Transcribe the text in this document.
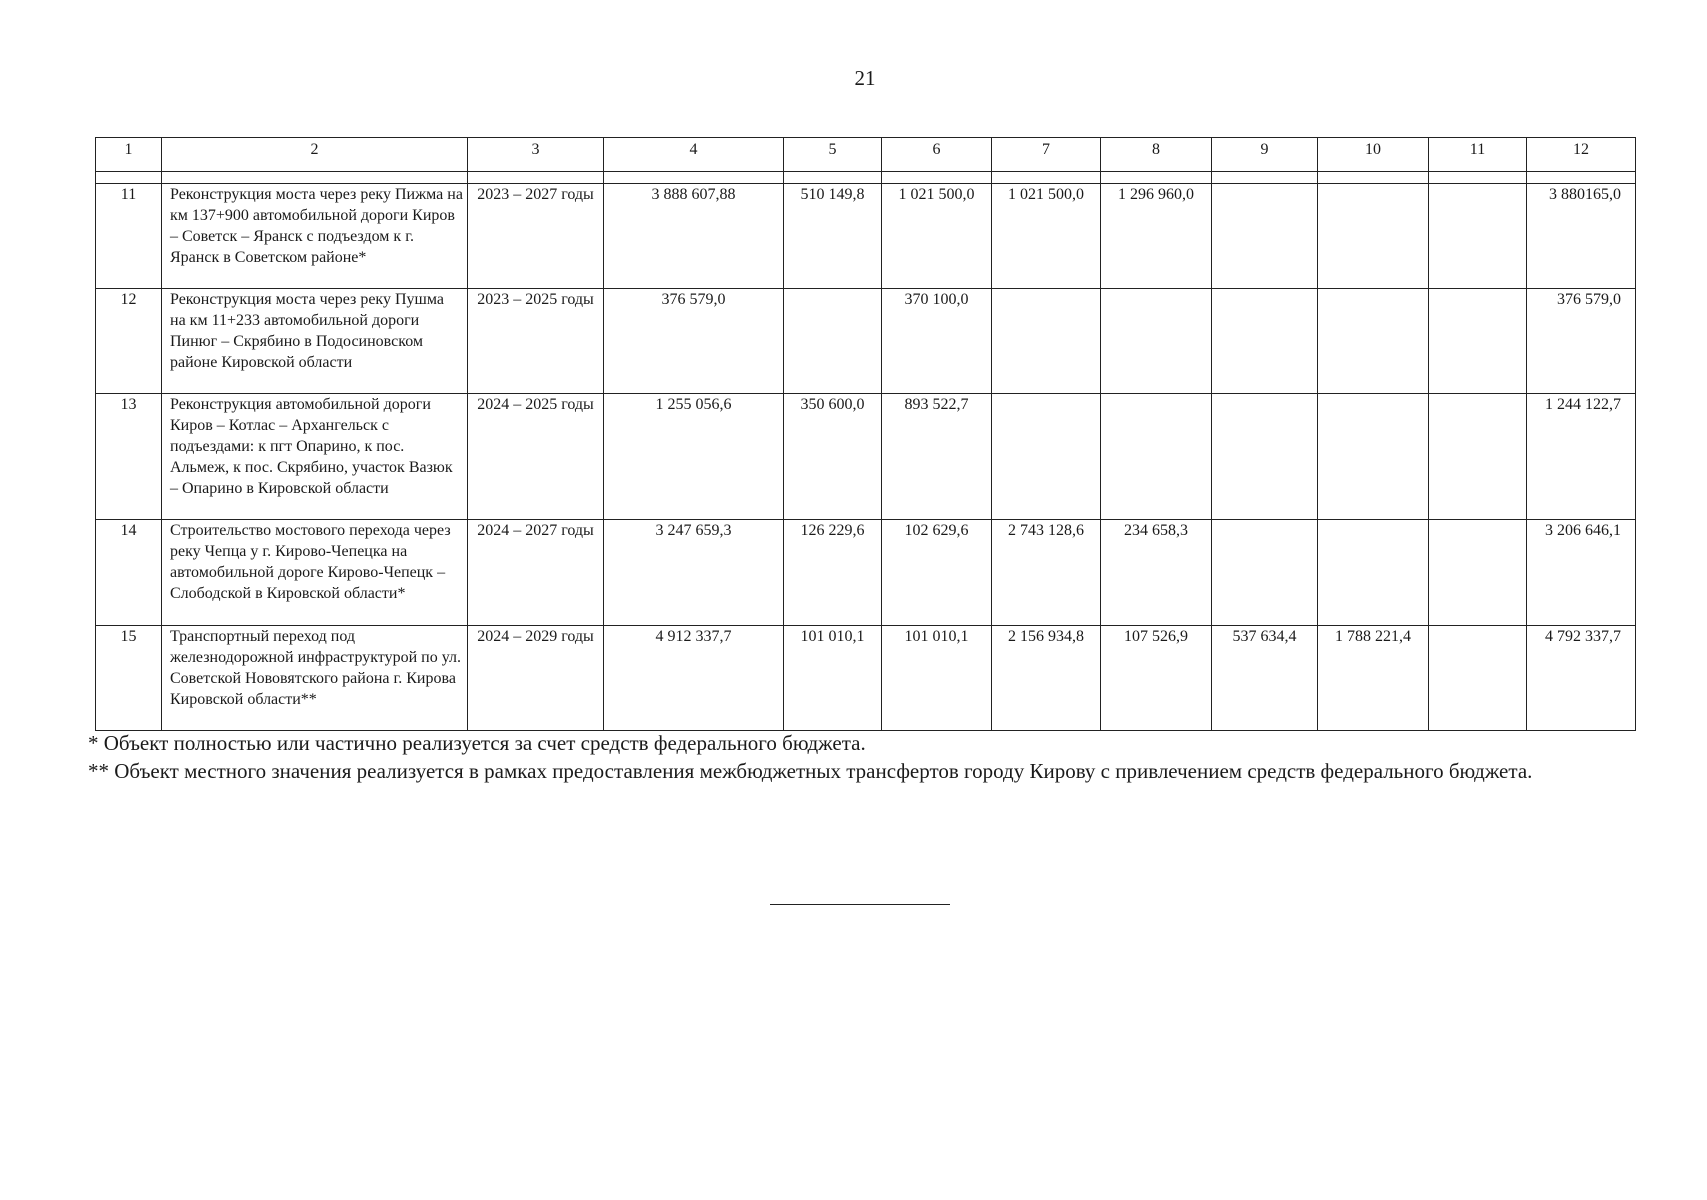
21
1	2	3	4	5	6	7	8	9	10	11	12

11	Реконструкция моста через реку Пижма на км 137+900 автомобильной дороги Киров – Советск – Яранск с подъездом к г. Яранск в Советском районе*	2023 – 2027 годы	3 888 607,88	510 149,8	1 021 500,0	1 021 500,0	1 296 960,0				3 880165,0
12	Реконструкция моста через реку Пушма на км 11+233 автомобильной дороги Пинюг – Скрябино в Подосиновском районе Кировской области	2023 – 2025 годы	376 579,0		370 100,0						376 579,0
13	Реконструкция автомобильной дороги Киров – Котлас – Архангельск с подъездами: к пгт Опарино, к пос. Альмеж, к пос. Скрябино, участок Вазюк – Опарино в Кировской области	2024 – 2025 годы	1 255 056,6	350 600,0	893 522,7						1 244 122,7
14	Строительство мостового перехода через реку Чепца у г. Кирово-Чепецка на автомобильной дороге Кирово-Чепецк – Слободской в Кировской области*	2024 – 2027 годы	3 247 659,3	126 229,6	102 629,6	2 743 128,6	234 658,3				3 206 646,1
15	Транспортный переход под железнодорожной инфраструктурой по ул. Советской Нововятского района г. Кирова Кировской области**	2024 – 2029 годы	4 912 337,7	101 010,1	101 010,1	2 156 934,8	107 526,9	537 634,4	1 788 221,4		4 792 337,7

* Объект полностью или частично реализуется за счет средств федерального бюджета.

** Объект местного значения реализуется в рамках предоставления межбюджетных трансфертов городу Кирову с привлечением средств федерального бюджета.
